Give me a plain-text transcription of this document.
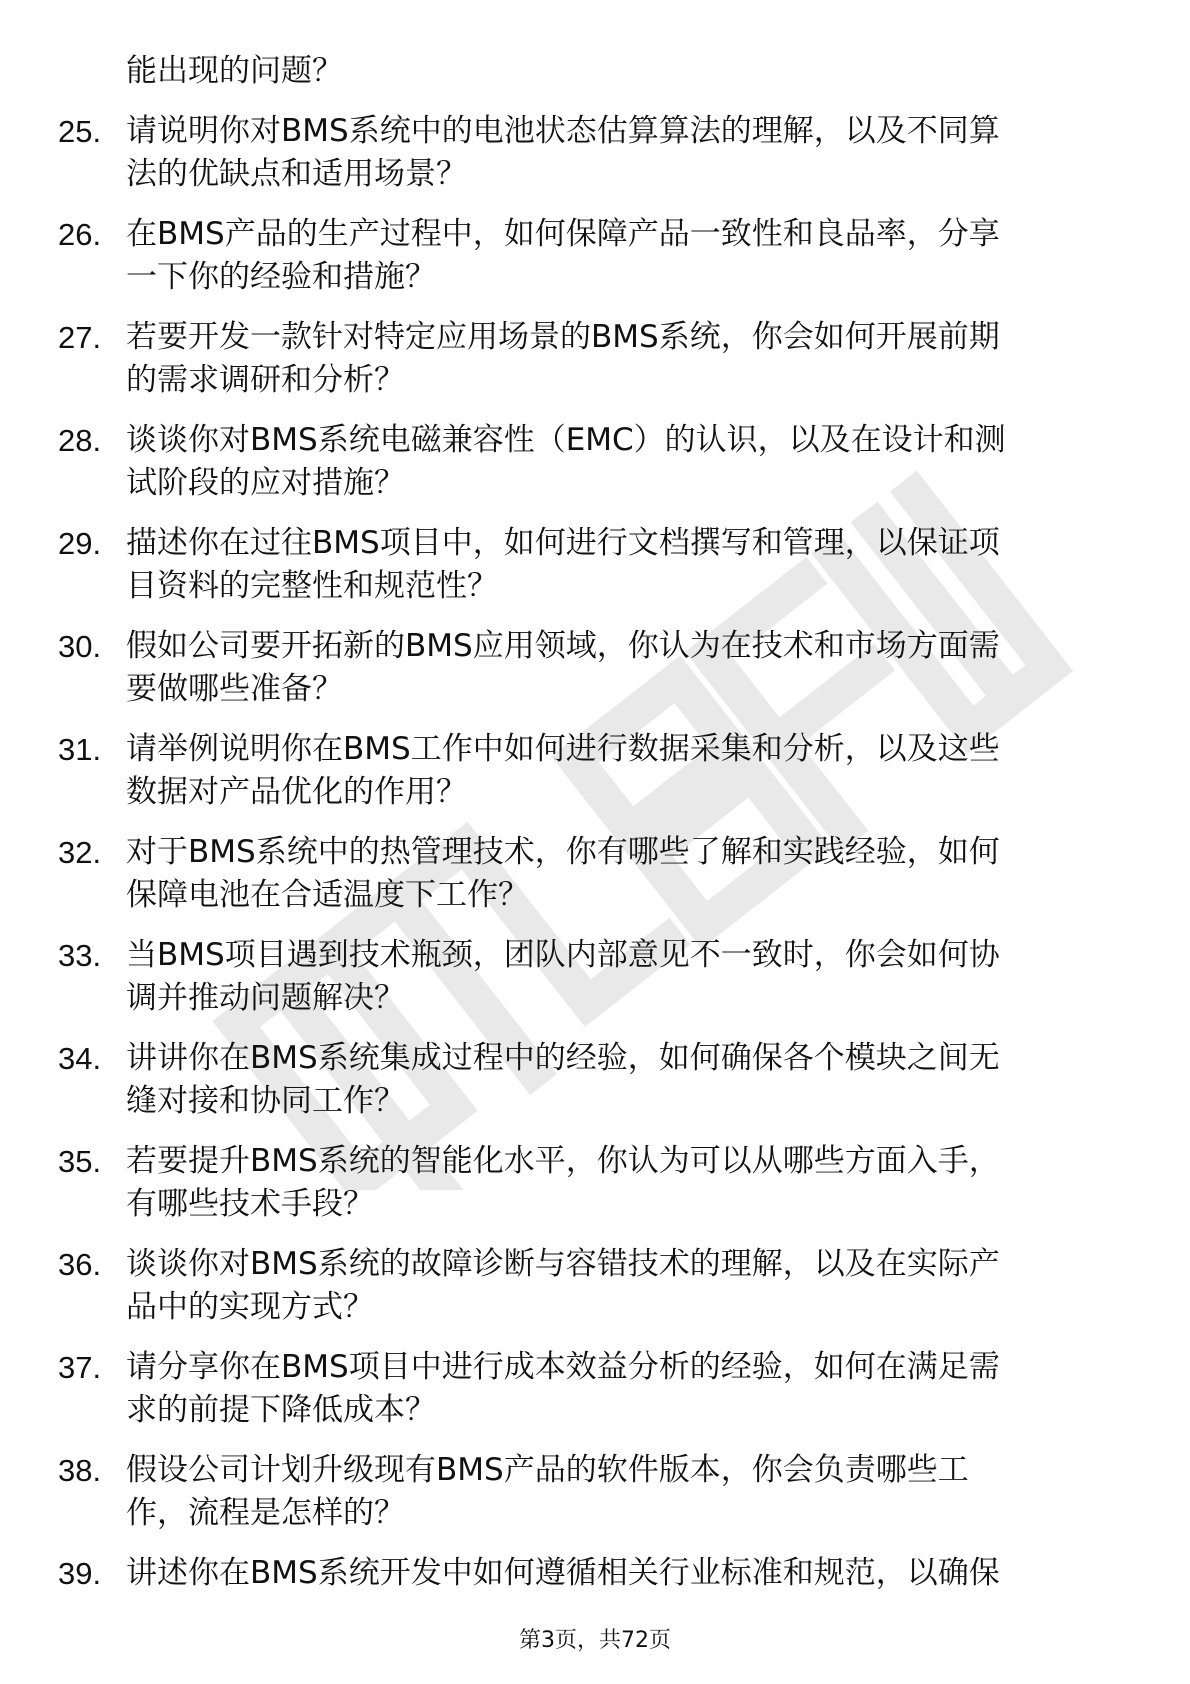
能出现的问题？
25. 请说明你对BMS系统中的电池状态估算算法的理解，以及不同算
法的优缺点和适用场景？
26. 在BMS产品的生产过程中，如何保障产品一致性和良品率，分享
一下你的经验和措施？
27. 若要开发一款针对特定应用场景的BMS系统，你会如何开展前期
的需求调研和分析？
28. 谈谈你对BMS系统电磁兼容性（EMC）的认识，以及在设计和测
试阶段的应对措施？
29. 描述你在过往BMS项目中，如何进行文档撰写和管理，以保证项
目资料的完整性和规范性？
30. 假如公司要开拓新的BMS应用领域，你认为在技术和市场方面需
要做哪些准备？
31. 请举例说明你在BMS工作中如何进行数据采集和分析，以及这些
数据对产品优化的作用？
32. 对于BMS系统中的热管理技术，你有哪些了解和实践经验，如何
保障电池在合适温度下工作？
33. 当BMS项目遇到技术瓶颈，团队内部意见不一致时，你会如何协
调并推动问题解决？
34. 讲讲你在BMS系统集成过程中的经验，如何确保各个模块之间无
缝对接和协同工作？
35. 若要提升BMS系统的智能化水平，你认为可以从哪些方面入手，
有哪些技术手段？
36. 谈谈你对BMS系统的故障诊断与容错技术的理解，以及在实际产
品中的实现方式？
37. 请分享你在BMS项目中进行成本效益分析的经验，如何在满足需
求的前提下降低成本？
38. 假设公司计划升级现有BMS产品的软件版本，你会负责哪些工
作，流程是怎样的？
39. 讲述你在BMS系统开发中如何遵循相关行业标准和规范，以确保
第3页，共72页
